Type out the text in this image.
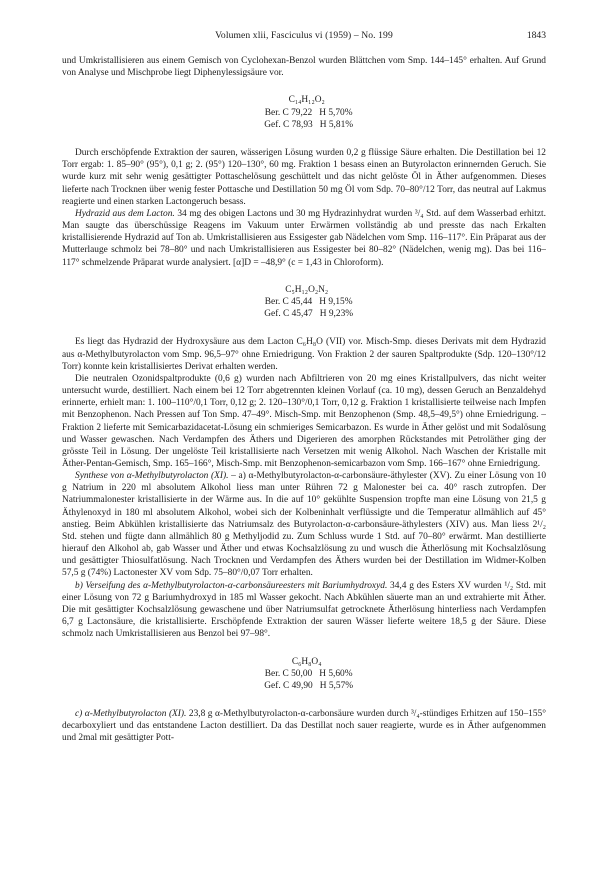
Volumen xlii, Fasciculus vi (1959) – No. 199	1843

und Umkristallisieren aus einem Gemisch von Cyclohexan-Benzol wurden Blättchen vom Smp. 144–145° erhalten. Auf Grund von Analyse und Mischprobe liegt Diphenylessigsäure vor.

C₁₄H₁₂O₂
Ber. C 79,22   H 5,70%
Gef. C 78,93   H 5,81%

Durch erschöpfende Extraktion der sauren, wässerigen Lösung wurden 0,2 g flüssige Säure erhalten. Die Destillation bei 12 Torr ergab: 1. 85–90° (95°), 0,1 g; 2. (95°) 120–130°, 60 mg. Fraktion 1 besass einen an Butyrolacton erinnernden Geruch. Sie wurde kurz mit sehr wenig gesättigter Pottaschelösung geschüttelt und das nicht gelöste Öl in Äther aufgenommen. Dieses lieferte nach Trocknen über wenig fester Pottasche und Destillation 50 mg Öl vom Sdp. 70–80°/12 Torr, das neutral auf Lakmus reagierte und einen starken Lactongeruch besass.

Hydrazid aus dem Lacton. 34 mg des obigen Lactons und 30 mg Hydrazinhydrat wurden ³/₄ Std. auf dem Wasserbad erhitzt. Man saugte das überschüssige Reagens im Vakuum unter Erwärmen vollständig ab und presste das nach Erkalten kristallisierende Hydrazid auf Ton ab. Umkristallisieren aus Essigester gab Nädelchen vom Smp. 116–117°. Ein Präparat aus der Mutterlauge schmolz bei 78–80° und nach Umkristallisieren aus Essigester bei 80–82° (Nädelchen, wenig mg). Das bei 116–117° schmelzende Präparat wurde analysiert. [α]D = –48,9° (c = 1,43 in Chloroform).

C₅H₁₂O₂N₂
Ber. C 45,44   H 9,15%
Gef. C 45,47   H 9,23%

Es liegt das Hydrazid der Hydroxysäure aus dem Lacton C₆H₈O (VII) vor. Misch-Smp. dieses Derivats mit dem Hydrazid aus α-Methylbutyrolacton vom Smp. 96,5–97° ohne Erniedrigung. Von Fraktion 2 der sauren Spaltprodukte (Sdp. 120–130°/12 Torr) konnte kein kristallisiertes Derivat erhalten werden.

Die neutralen Ozonidspaltprodukte (0,6 g) wurden nach Abfiltrieren von 20 mg eines Kristallpulvers, das nicht weiter untersucht wurde, destilliert. Nach einem bei 12 Torr abgetrennten kleinen Vorlauf (ca. 10 mg), dessen Geruch an Benzaldehyd erinnerte, erhielt man: 1. 100–110°/0,1 Torr, 0,12 g; 2. 120–130°/0,1 Torr, 0,12 g. Fraktion 1 kristallisierte teilweise nach Impfen mit Benzophenon. Nach Pressen auf Ton Smp. 47–49°. Misch-Smp. mit Benzophenon (Smp. 48,5–49,5°) ohne Erniedrigung. – Fraktion 2 lieferte mit Semicarbazidacetat-Lösung ein schmieriges Semicarbazon. Es wurde in Äther gelöst und mit Sodalösung und Wasser gewaschen. Nach Verdampfen des Äthers und Digerieren des amorphen Rückstandes mit Petroläther ging der grösste Teil in Lösung. Der ungelöste Teil kristallisierte nach Versetzen mit wenig Alkohol. Nach Waschen der Kristalle mit Äther-Pentan-Gemisch, Smp. 165–166°, Misch-Smp. mit Benzophenon-semicarbazon vom Smp. 166–167° ohne Erniedrigung.

Synthese von α-Methylbutyrolacton (XI). – a) α-Methylbutyrolacton-α-carbonsäure-äthylester (XV). Zu einer Lösung von 10 g Natrium in 220 ml absolutem Alkohol liess man unter Rühren 72 g Malonester bei ca. 40° rasch zutropfen. Der Natriummalonester kristallisierte in der Wärme aus. In die auf 10° gekühlte Suspension tropfte man eine Lösung von 21,5 g Äthylenoxyd in 180 ml absolutem Alkohol, wobei sich der Kolbeninhalt verflüssigte und die Temperatur allmählich auf 45° anstieg. Beim Abkühlen kristallisierte das Natriumsalz des Butyrolacton-α-carbonsäure-äthylesters (XIV) aus. Man liess 2¹/₂ Std. stehen und fügte dann allmählich 80 g Methyljodid zu. Zum Schluss wurde 1 Std. auf 70–80° erwärmt. Man destillierte hierauf den Alkohol ab, gab Wasser und Äther und etwas Kochsalzlösung zu und wusch die Ätherlösung mit Kochsalzlösung und gesättigter Thiosulfatlösung. Nach Trocknen und Verdampfen des Äthers wurden bei der Destillation im Widmer-Kolben 57,5 g (74%) Lactonester XV vom Sdp. 75–80°/0,07 Torr erhalten.

b) Verseifung des α-Methylbutyrolacton-α-carbonsäureesters mit Bariumhydroxyd. 34,4 g des Esters XV wurden ¹/₂ Std. mit einer Lösung von 72 g Bariumhydroxyd in 185 ml Wasser gekocht. Nach Abkühlen säuerte man an und extrahierte mit Äther. Die mit gesättigter Kochsalzlösung gewaschene und über Natriumsulfat getrocknete Ätherlösung hinterliess nach Verdampfen 6,7 g Lactonsäure, die kristallisierte. Erschöpfende Extraktion der sauren Wässer lieferte weitere 18,5 g der Säure. Diese schmolz nach Umkristallisieren aus Benzol bei 97–98°.

C₆H₈O₄
Ber. C 50,00   H 5,60%
Gef. C 49,90   H 5,57%

c) α-Methylbutyrolacton (XI). 23,8 g α-Methylbutyrolacton-α-carbonsäure wurden durch ³/₄-stündiges Erhitzen auf 150–155° decarboxyliert und das entstandene Lacton destilliert. Da das Destillat noch sauer reagierte, wurde es in Äther aufgenommen und 2mal mit gesättigter Pott-
